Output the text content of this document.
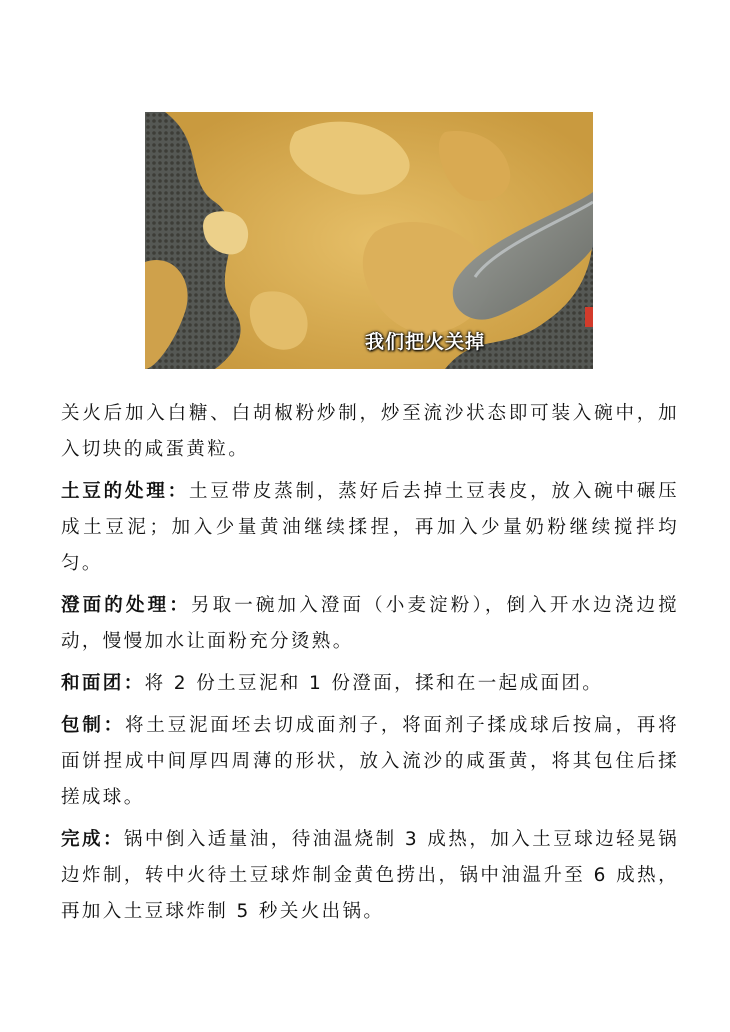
我们把火关掉

关火后加入白糖、白胡椒粉炒制，炒至流沙状态即可装入碗中，加入切块的咸蛋黄粒。

土豆的处理：土豆带皮蒸制，蒸好后去掉土豆表皮，放入碗中碾压成土豆泥；加入少量黄油继续揉捏，再加入少量奶粉继续搅拌均匀。

澄面的处理：另取一碗加入澄面（小麦淀粉），倒入开水边浇边搅动，慢慢加水让面粉充分烫熟。

和面团：将 2 份土豆泥和 1 份澄面，揉和在一起成面团。

包制：将土豆泥面坯去切成面剂子，将面剂子揉成球后按扁，再将面饼捏成中间厚四周薄的形状，放入流沙的咸蛋黄，将其包住后揉搓成球。

完成：锅中倒入适量油，待油温烧制 3 成热，加入土豆球边轻晃锅边炸制，转中火待土豆球炸制金黄色捞出，锅中油温升至 6 成热，再加入土豆球炸制 5 秒关火出锅。
